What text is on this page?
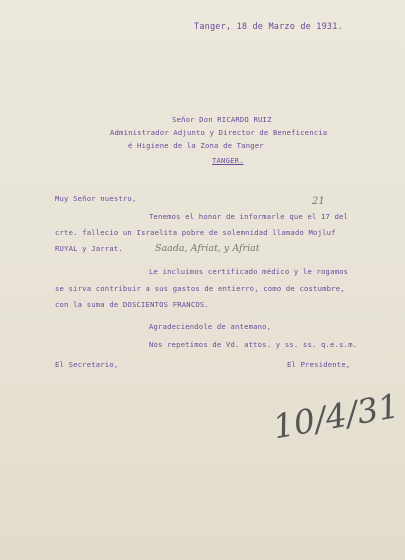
Tanger, 18 de Marzo de 1931.
Señor Don RICARDO RUIZ
Administrador Adjunto y Director de Beneficencia
é Higiene de la Zona de Tanger
TANGER.
Muy Señor nuestro,
Tenemos el honor de informarle que el 17 del
crte. fallecio un Israelita pobre de solemnidad llamado Mojluf
RUYAL y Jarrat.
Le incluimos certificado médico y le rogamos
se sirva contribuir a sus gastos de entierro, como de costumbre,
con la suma de DOSCIENTOS FRANCOS.
Agradeciendole de antemano,
Nos repetimos de Vd. attos. y ss. ss. q.e.s.m.
El Secretario,	El Presidente,
21
Saada, Afriat, y Afriat
10/4/31
